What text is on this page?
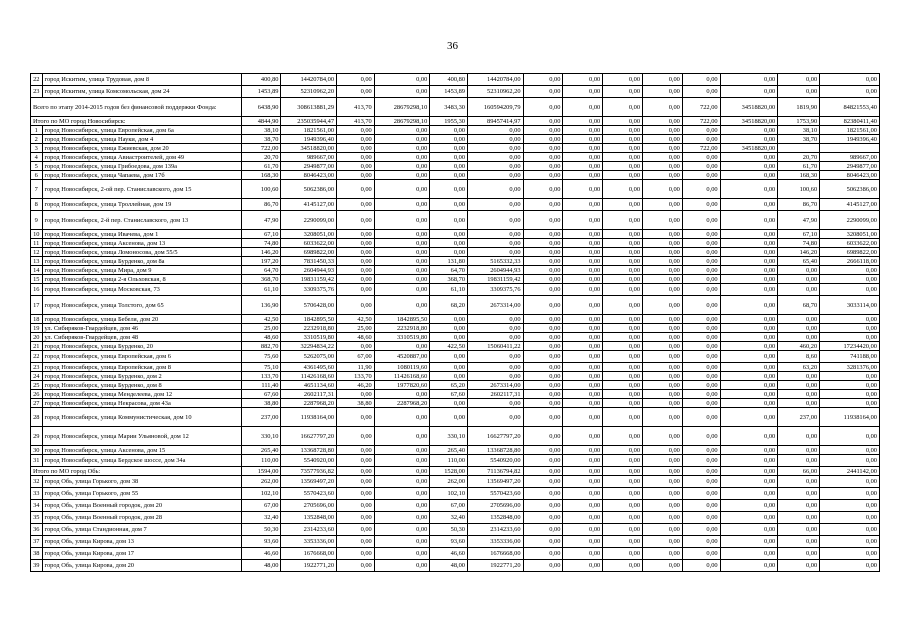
36
22	город Искитим, улица Трудовая, дом 8	400,80	14420784,00	0,00	0,00	400,80	14420784,00	0,00	0,00	0,00	0,00	0,00	0,00	0,00	0,00
23	город Искитим, улица Комсомольская, дом 24	1453,89	52310962,20	0,00	0,00	1453,89	52310962,20	0,00	0,00	0,00	0,00	0,00	0,00	0,00	0,00
Всего по этапу 2014-2015 годов без финансовой поддержки Фонда:		6438,90	308613881,29	413,70	28679298,10	3483,30	160594209,79	0,00	0,00	0,00	0,00	722,00	34518820,00	1819,90	84821553,40
Итого по МО город Новосибирск:		4844,90	235035944,47	413,70	28679298,10	1955,30	89457414,97	0,00	0,00	0,00	0,00	722,00	34518820,00	1753,90	82380411,40
1	город Новосибирск, улица Европейская, дом 6а	38,10	1821561,00	0,00	0,00	0,00	0,00	0,00	0,00	0,00	0,00	0,00	0,00	38,10	1821561,00
2	город Новосибирск, улица Науки, дом 4	38,70	1949396,40	0,00	0,00	0,00	0,00	0,00	0,00	0,00	0,00	0,00	0,00	38,70	1949396,40
3	город Новосибирск, улица Ежиевская, дом 20	722,00	34518820,00	0,00	0,00	0,00	0,00	0,00	0,00	0,00	0,00	722,00	34518820,00		
4	город Новосибирск, улица Авиастроителей, дом 49	20,70	989667,00	0,00	0,00	0,00	0,00	0,00	0,00	0,00	0,00	0,00	0,00	20,70	989667,00
5	город Новосибирск, улица Грибоедова, дом 139а	61,70	2949877,00	0,00	0,00	0,00	0,00	0,00	0,00	0,00	0,00	0,00	0,00	61,70	2949877,00
6	город Новосибирск, улица Чапаева, дом 17б	168,30	8046423,00	0,00	0,00	0,00	0,00	0,00	0,00	0,00	0,00	0,00	0,00	168,30	8046423,00
7	город Новосибирск, 2-ой пер. Станиславского, дом 15	100,60	5062386,00	0,00	0,00	0,00	0,00	0,00	0,00	0,00	0,00	0,00	0,00	100,60	5062386,00
8	город Новосибирск, улица Троллейная, дом 19	86,70	4145127,00	0,00	0,00	0,00	0,00	0,00	0,00	0,00	0,00	0,00	0,00	86,70	4145127,00
9	город Новосибирск, 2-й пер. Станиславского, дом 13	47,90	2290099,00	0,00	0,00	0,00	0,00	0,00	0,00	0,00	0,00	0,00	0,00	47,90	2290099,00
10	город Новосибирск, улица Ивачева, дом 1	67,10	3208051,00	0,00	0,00	0,00	0,00	0,00	0,00	0,00	0,00	0,00	0,00	67,10	3208051,00
11	город Новосибирск, улица Аксенова, дом 13	74,80	6033622,00	0,00	0,00	0,00	0,00	0,00	0,00	0,00	0,00	0,00	0,00	74,80	6033622,00
12	город Новосибирск, улица Ломоносова, дом 55/5	146,20	6989822,00	0,00	0,00	0,00	0,00	0,00	0,00	0,00	0,00	0,00	0,00	146,20	6989822,00
13	город Новосибирск, улица Бурденко, дом 8а	197,20	7831450,33	0,00	0,00	131,80	5165332,33	0,00	0,00	0,00	0,00	0,00	0,00	65,40	2666118,00
14	город Новосибирск, улица Мира, дом 9	64,70	2604944,93	0,00	0,00	64,70	2604944,93	0,00	0,00	0,00	0,00	0,00	0,00	0,00	0,00
15	город Новосибирск, улица 2-я Ольховская, 8	368,70	19831159,42	0,00	0,00	368,70	19831159,42	0,00	0,00	0,00	0,00	0,00	0,00	0,00	0,00
16	город Новосибирск, улица Московская, 73	61,10	3309375,76	0,00	0,00	61,10	3309375,76	0,00	0,00	0,00	0,00	0,00	0,00	0,00	0,00
17	город Новосибирск, улица Толстого, дом 65	136,90	5706428,00	0,00	0,00	68,20	2673314,00	0,00	0,00	0,00	0,00	0,00	0,00	68,70	3033114,00
18	город Новосибирск, улица Бебеля, дом 20	42,50	1842895,50	42,50	1842895,50	0,00	0,00	0,00	0,00	0,00	0,00	0,00	0,00	0,00	0,00
19	ул. Сибиряков-Гвардейцев, дом 46	25,00	2232918,80	25,00	2232918,80	0,00	0,00	0,00	0,00	0,00	0,00	0,00	0,00	0,00	0,00
20	ул. Сибиряков-Гвардейцев, дом 48	48,60	3310519,80	48,60	3310519,80	0,00	0,00	0,00	0,00	0,00	0,00	0,00	0,00	0,00	0,00
21	город Новосибирск, улица Бурденко, 20	882,70	32294834,22	0,00	0,00	422,50	15060411,22	0,00	0,00	0,00	0,00	0,00	0,00	460,20	17234420,00
22	город Новосибирск, улица Европейская, дом 6	75,60	5262075,00	67,00	4520887,00	0,00	0,00	0,00	0,00	0,00	0,00	0,00	0,00	8,60	741188,00
23	город Новосибирск, улица Европейская, дом 8	75,10	4361495,60	11,90	1080119,60	0,00	0,00	0,00	0,00	0,00	0,00	0,00	0,00	63,20	3281376,00
24	город Новосибирск, улица Бурденко, дом 2	133,70	11426168,60	133,70	11426168,60	0,00	0,00	0,00	0,00	0,00	0,00	0,00	0,00	0,00	0,00
25	город Новосибирск, улица Бурденко, дом 8	111,40	4651134,60	46,20	1977820,60	65,20	2673314,00	0,00	0,00	0,00	0,00	0,00	0,00	0,00	0,00
26	город Новосибирск, улица Менделеева, дом 12	67,60	2602117,31	0,00	0,00	67,60	2602117,31	0,00	0,00	0,00	0,00	0,00	0,00	0,00	0,00
27	город Новосибирск, улица Некрасова, дом 43а	38,80	2287968,20	38,80	2287968,20	0,00	0,00	0,00	0,00	0,00	0,00	0,00	0,00	0,00	0,00
28	город Новосибирск, улица Коммунистическая, дом 10	237,00	11938164,00	0,00	0,00	0,00	0,00	0,00	0,00	0,00	0,00	0,00	0,00	237,00	11938164,00
29	город Новосибирск, улица Марии Ульяновой, дом 12	330,10	16627797,20	0,00	0,00	330,10	16627797,20	0,00	0,00	0,00	0,00	0,00	0,00	0,00	0,00
30	город Новосибирск, улица Аксенова, дом 15	265,40	13368728,80	0,00	0,00	265,40	13368728,80	0,00	0,00	0,00	0,00	0,00	0,00	0,00	0,00
31	город Новосибирск, улица Бердское шоссе, дом 34а	110,00	5540920,00	0,00	0,00	110,00	5540920,00	0,00	0,00	0,00	0,00	0,00	0,00	0,00	0,00
Итого по МО город Обь:		1594,00	73577936,82	0,00	0,00	1528,00	71136794,82	0,00	0,00	0,00	0,00	0,00	0,00	66,00	2441142,00
32	город Обь, улица Горького, дом 38	262,00	13569497,20	0,00	0,00	262,00	13569497,20	0,00	0,00	0,00	0,00	0,00	0,00	0,00	0,00
33	город Обь, улица Горького, дом 55	102,10	5570423,60	0,00	0,00	102,10	5570423,60	0,00	0,00	0,00	0,00	0,00	0,00	0,00	0,00
34	город Обь, улица Военный городок, дом 20	67,00	2705696,00	0,00	0,00	67,00	2705696,00	0,00	0,00	0,00	0,00	0,00	0,00	0,00	0,00
35	город Обь, улица Военный городок, дом 28	32,40	1352848,00	0,00	0,00	32,40	1352848,00	0,00	0,00	0,00	0,00	0,00	0,00	0,00	0,00
36	город Обь, улица Стандионная, дом 7	50,30	2314233,60	0,00	0,00	50,30	2314233,60	0,00	0,00	0,00	0,00	0,00	0,00	0,00	0,00
37	город Обь, улица Кирова, дом 13	93,60	3353336,00	0,00	0,00	93,60	3353336,00	0,00	0,00	0,00	0,00	0,00	0,00	0,00	0,00
38	город Обь, улица Кирова, дом 17	46,60	1676668,00	0,00	0,00	46,60	1676668,00	0,00	0,00	0,00	0,00	0,00	0,00	0,00	0,00
39	город Обь, улица Кирова, дом 20	48,00	1922771,20	0,00	0,00	48,00	1922771,20	0,00	0,00	0,00	0,00	0,00	0,00	0,00	0,00
